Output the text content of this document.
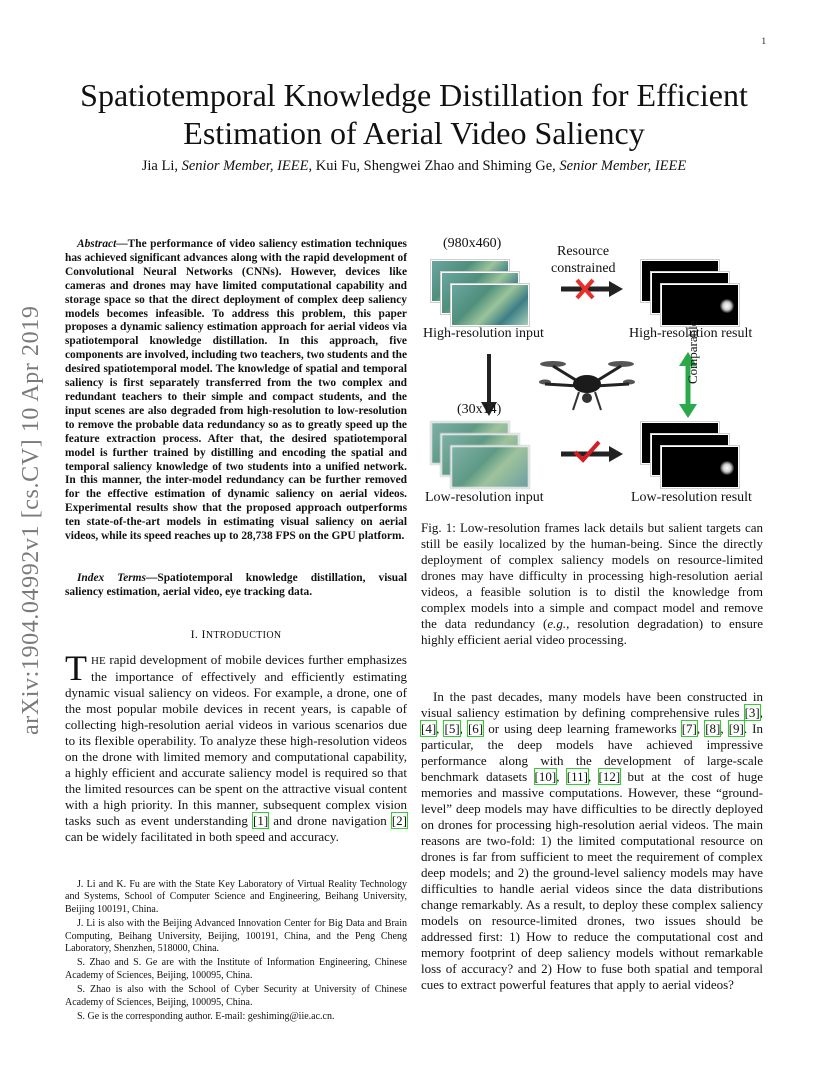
1
arXiv:1904.04992v1 [cs.CV] 10 Apr 2019
Spatiotemporal Knowledge Distillation for Efficient
Estimation of Aerial Video Saliency
Jia Li, Senior Member, IEEE, Kui Fu, Shengwei Zhao and Shiming Ge, Senior Member, IEEE
Abstract—The performance of video saliency estimation techniques has achieved significant advances along with the rapid development of Convolutional Neural Networks (CNNs). However, devices like cameras and drones may have limited computational capability and storage space so that the direct deployment of complex deep saliency models becomes infeasible. To address this problem, this paper proposes a dynamic saliency estimation approach for aerial videos via spatiotemporal knowledge distillation. In this approach, five components are involved, including two teachers, two students and the desired spatiotemporal model. The knowledge of spatial and temporal saliency is first separately transferred from the two complex and redundant teachers to their simple and compact students, and the input scenes are also degraded from high-resolution to low-resolution to remove the probable data redundancy so as to greatly speed up the feature extraction process. After that, the desired spatiotemporal model is further trained by distilling and encoding the spatial and temporal saliency knowledge of two students into a unified network. In this manner, the inter-model redundancy can be further removed for the effective estimation of dynamic saliency on aerial videos. Experimental results show that the proposed approach outperforms ten state-of-the-art models in estimating visual saliency on aerial videos, while its speed reaches up to 28,738 FPS on the GPU platform.
Index Terms—Spatiotemporal knowledge distillation, visual saliency estimation, aerial video, eye tracking data.
I. INTRODUCTION
THE rapid development of mobile devices further emphasizes the importance of effectively and efficiently estimating dynamic visual saliency on videos. For example, a drone, one of the most popular mobile devices in recent years, is capable of collecting high-resolution aerial videos in various scenarios due to its flexible operability. To analyze these high-resolution videos on the drone with limited memory and computational capability, a highly efficient and accurate saliency model is required so that the limited resources can be spent on the attractive visual content with a high priority. In this manner, subsequent complex vision tasks such as event understanding [1] and drone navigation [2] can be widely facilitated in both speed and accuracy.

J. Li and K. Fu are with the State Key Laboratory of Virtual Reality Technology and Systems, School of Computer Science and Engineering, Beihang University, Beijing 100191, China.

J. Li is also with the Beijing Advanced Innovation Center for Big Data and Brain Computing, Beihang University, Beijing, 100191, China, and the Peng Cheng Laboratory, Shenzhen, 518000, China.

S. Zhao and S. Ge are with the Institute of Information Engineering, Chinese Academy of Sciences, Beijing, 100095, China.

S. Zhao is also with the School of Cyber Security at University of Chinese Academy of Sciences, Beijing, 100095, China.

S. Ge is the corresponding author. E-mail: geshiming@iie.ac.cn.

(980x460)
Resource
constrained
High-resolution input	High-resolution result
Comparable
(30x14)
Low-resolution input	Low-resolution result
Fig. 1: Low-resolution frames lack details but salient targets can still be easily localized by the human-being. Since the directly deployment of complex saliency models on resource-limited drones may have difficulty in processing high-resolution aerial videos, a feasible solution is to distil the knowledge from complex models into a simple and compact model and remove the data redundancy (e.g., resolution degradation) to ensure highly efficient aerial video processing.
In the past decades, many models have been constructed in visual saliency estimation by defining comprehensive rules [3], [4], [5], [6] or using deep learning frameworks [7], [8], [9]. In particular, the deep models have achieved impressive performance along with the development of large-scale benchmark datasets [10], [11], [12] but at the cost of huge memories and massive computations. However, these “ground-level” deep models may have difficulties to be directly deployed on drones for processing high-resolution aerial videos. The main reasons are two-fold: 1) the limited computational resource on drones is far from sufficient to meet the requirement of complex deep models; and 2) the ground-level saliency models may have difficulties to handle aerial videos since the data distributions change remarkably. As a result, to deploy these complex saliency models on resource-limited drones, two issues should be addressed first: 1) How to reduce the computational cost and memory footprint of deep saliency models without remarkable loss of accuracy? and 2) How to fuse both spatial and temporal cues to extract powerful features that apply to aerial videos?
